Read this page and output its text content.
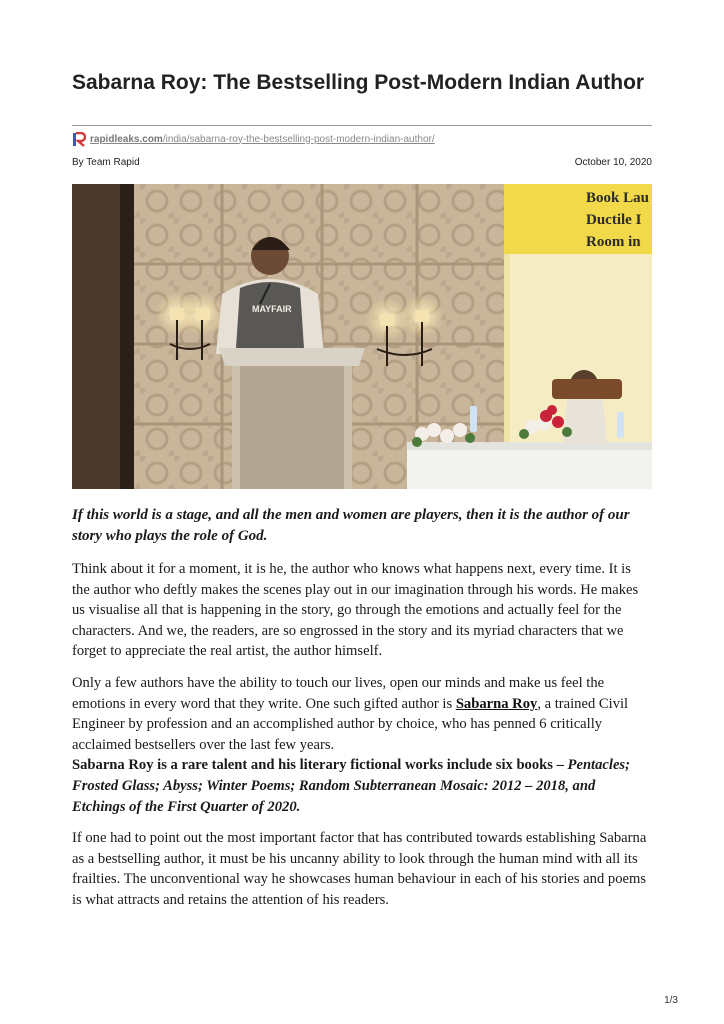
Sabarna Roy: The Bestselling Post-Modern Indian Author
rapidleaks.com/india/sabarna-roy-the-bestselling-post-modern-indian-author/
By Team Rapid	October 10, 2020
Book Lau
Ductile I
Room in
MAYFAIR

If this world is a stage, and all the men and women are players, then it is the author of our story who plays the role of God.

Think about it for a moment, it is he, the author who knows what happens next, every time. It is the author who deftly makes the scenes play out in our imagination through his words. He makes us visualise all that is happening in the story, go through the emotions and actually feel for the characters. And we, the readers, are so engrossed in the story and its myriad characters that we forget to appreciate the real artist, the author himself.

Only a few authors have the ability to touch our lives, open our minds and make us feel the emotions in every word that they write. One such gifted author is Sabarna Roy, a trained Civil Engineer by profession and an accomplished author by choice, who has penned 6 critically acclaimed bestsellers over the last few years.
Sabarna Roy is a rare talent and his literary fictional works include six books – Pentacles; Frosted Glass; Abyss; Winter Poems; Random Subterranean Mosaic: 2012 – 2018, and Etchings of the First Quarter of 2020.

If one had to point out the most important factor that has contributed towards establishing Sabarna as a bestselling author, it must be his uncanny ability to look through the human mind with all its frailties. The unconventional way he showcases human behaviour in each of his stories and poems is what attracts and retains the attention of his readers.

1/3
